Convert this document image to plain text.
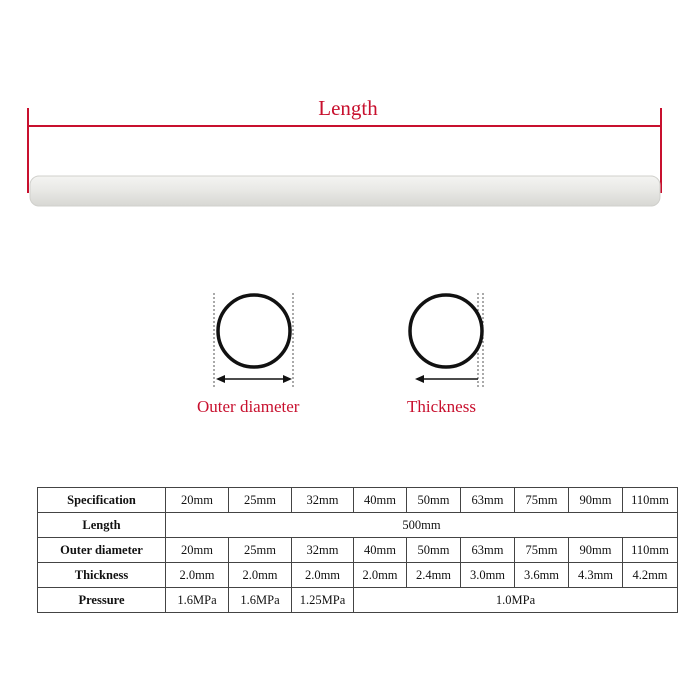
Length
Outer diameter	Thickness
Specification	20mm	25mm	32mm	40mm	50mm	63mm	75mm	90mm	110mm
Length	500mm								
Outer diameter	20mm	25mm	32mm	40mm	50mm	63mm	75mm	90mm	110mm
Thickness	2.0mm	2.0mm	2.0mm	2.0mm	2.4mm	3.0mm	3.6mm	4.3mm	4.2mm
Pressure	1.6MPa	1.6MPa	1.25MPa	1.0MPa					
